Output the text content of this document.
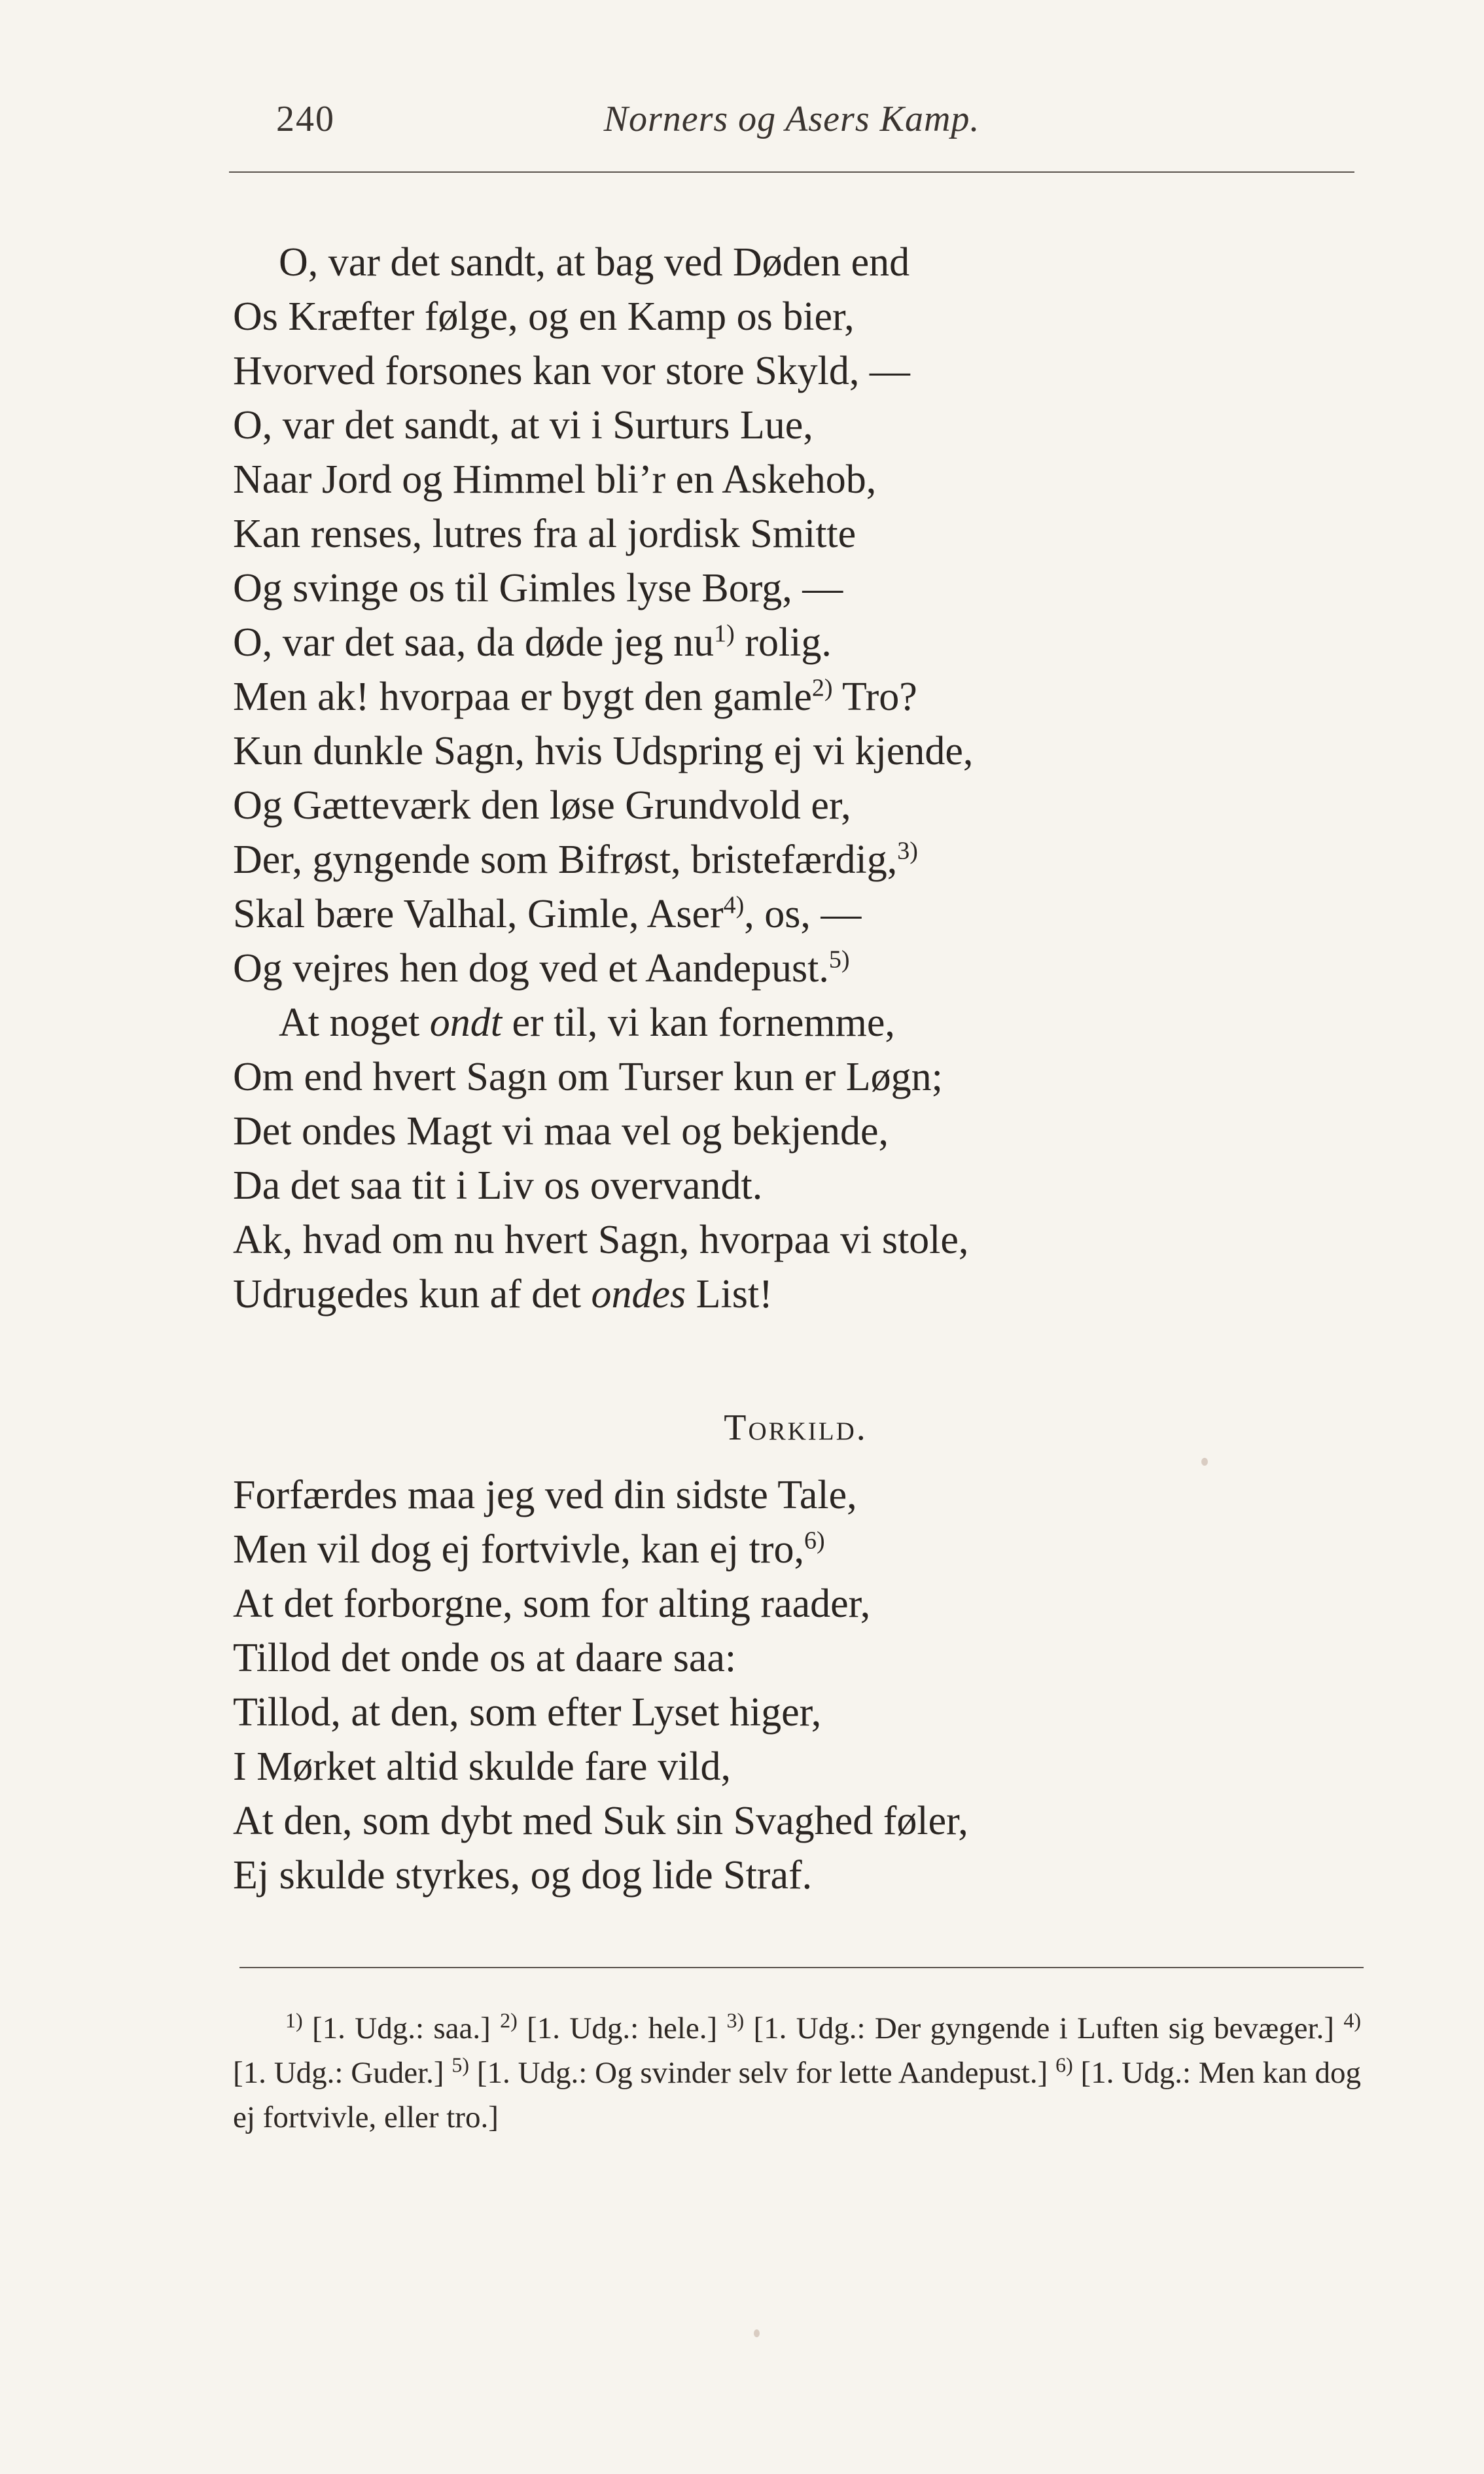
240	Norners og Asers Kamp.
O, var det sandt, at bag ved Døden end
Os Kræfter følge, og en Kamp os bier,
Hvorved forsones kan vor store Skyld, —
O, var det sandt, at vi i Surturs Lue,
Naar Jord og Himmel bli’r en Askehob,
Kan renses, lutres fra al jordisk Smitte
Og svinge os til Gimles lyse Borg, —
O, var det saa, da døde jeg $nu^{1)}$ rolig.
Men ak! hvorpaa er bygt den gamle$^{2)}$ Tro?
Kun dunkle Sagn, hvis Udspring ej vi kjende,
Og Gætteværk den løse Grundvold er,
Der, gyngende som Bifrøst, bristefærdig,$^{3)}$
Skal bære Valhal, Gimle, Aser$^{4)}$, os, —
Og vejres hen dog ved et Aandepust.$^{5)}$
At noget ondt er til, vi kan fornemme,
Om end hvert Sagn om Turser kun er Løgn;
Det ondes Magt vi maa vel og bekjende,
Da det saa tit i Liv os overvandt.
Ak, hvad om nu hvert Sagn, hvorpaa vi stole,
Udrugedes kun af det ondes List!
Torkild.
Forfærdes maa jeg ved din sidste Tale,
Men vil dog ej fortvivle, kan ej tro,$^{6)}$
At det forborgne, som for alting raader,
Tillod det onde os at daare saa:
Tillod, at den, som efter Lyset higer,
I Mørket altid skulde fare vild,
At den, som dybt med Suk sin Svaghed føler,
Ej skulde styrkes, og dog lide Straf.
$^{1)}$ [1. Udg.: saa.] $^{2)}$ [1. Udg.: hele.] $^{3)}$ [1. Udg.: Der gyngende i Luften sig bevæger.] $^{4)}$ [1. Udg.: Guder.] $^{5)}$ [1. Udg.: Og svinder selv for lette Aandepust.] $^{6)}$ [1. Udg.: Men kan dog ej fortvivle, eller tro.]
